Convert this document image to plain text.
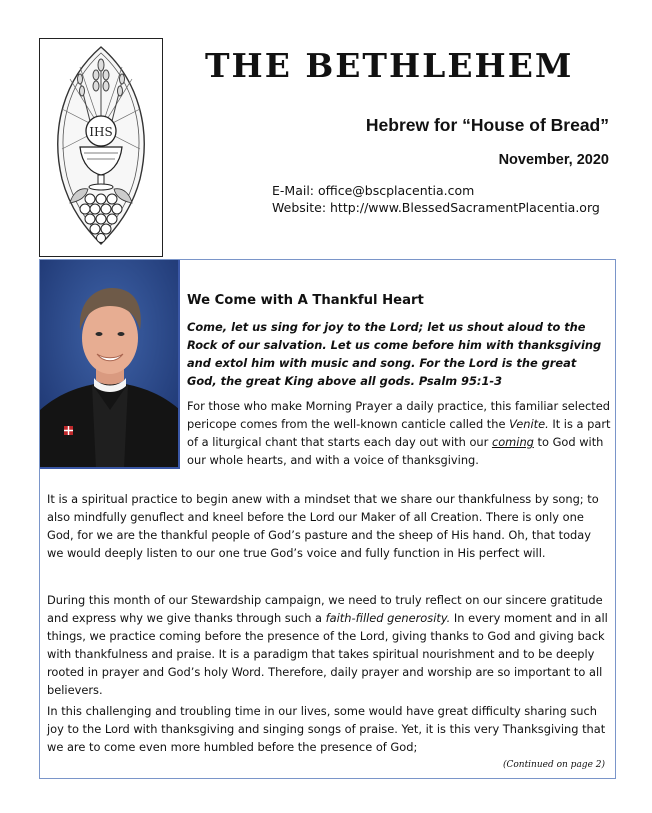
IHS
THE BETHLEHEM
Hebrew for “House of Bread”
November, 2020
E-Mail: office@bscplacentia.com
Website: http://www.BlessedSacramentPlacentia.org
We Come with A Thankful Heart
Come, let us sing for joy to the Lord; let us shout aloud to the Rock of our salvation. Let us come before him with thanksgiving and extol him with music and song. For the Lord is the great God, the great King above all gods. Psalm 95:1-3
For those who make Morning Prayer a daily practice, this familiar selected pericope comes from the well-known canticle called the Venite. It is a part of a liturgical chant that starts each day out with our coming to God with our whole hearts, and with a voice of thanksgiving.
It is a spiritual practice to begin anew with a mindset that we share our thankfulness by song; to also mindfully genuflect and kneel before the Lord our Maker of all Creation. There is only one God, for we are the thankful people of God’s pasture and the sheep of His hand. Oh, that today we would deeply listen to our one true God’s voice and fully function in His perfect will.
During this month of our Stewardship campaign, we need to truly reflect on our sincere gratitude and express why we give thanks through such a faith-filled generosity. In every moment and in all things, we practice coming before the presence of the Lord, giving thanks to God and giving back with thankfulness and praise. It is a paradigm that takes spiritual nourishment and to be deeply rooted in prayer and God’s holy Word. Therefore, daily prayer and worship are so important to all believers.
In this challenging and troubling time in our lives, some would have great difficulty sharing such joy to the Lord with thanksgiving and singing songs of praise. Yet, it is this very Thanksgiving that we are to come even more humbled before the presence of God;
(Continued on page 2)
